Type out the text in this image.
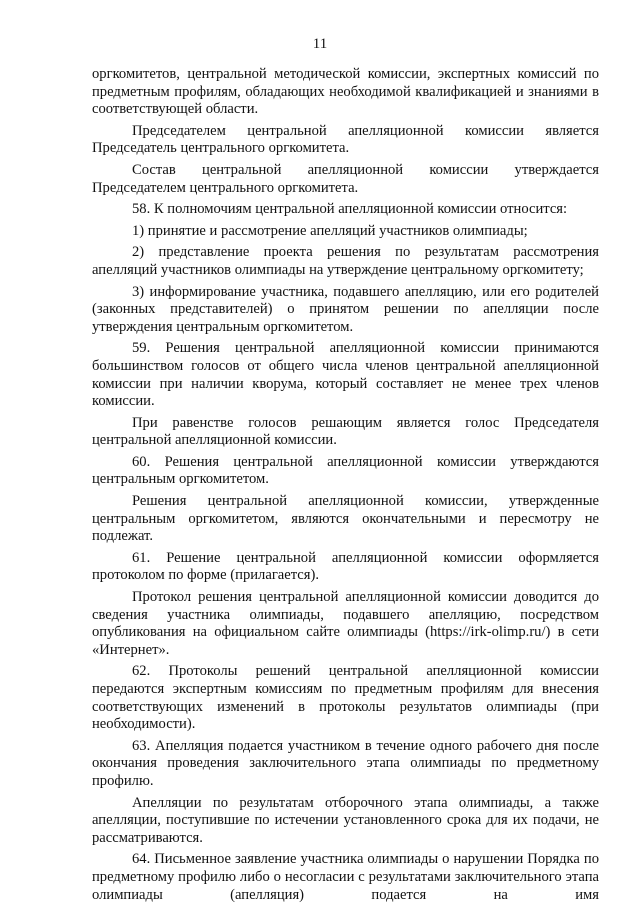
11

оргкомитетов, центральной методической комиссии, экспертных комиссий по предметным профилям, обладающих необходимой квалификацией и знаниями в соответствующей области.

Председателем центральной апелляционной комиссии является Председатель центрального оргкомитета.

Состав центральной апелляционной комиссии утверждается Председателем центрального оргкомитета.

58. К полномочиям центральной апелляционной комиссии относится:

1) принятие и рассмотрение апелляций участников олимпиады;

2) представление проекта решения по результатам рассмотрения апелляций участников олимпиады на утверждение центральному оргкомитету;

3) информирование участника, подавшего апелляцию, или его родителей (законных представителей) о принятом решении по апелляции после утверждения центральным оргкомитетом.

59. Решения центральной апелляционной комиссии принимаются большинством голосов от общего числа членов центральной апелляционной комиссии при наличии кворума, который составляет не менее трех членов комиссии.

При равенстве голосов решающим является голос Председателя центральной апелляционной комиссии.

60. Решения центральной апелляционной комиссии утверждаются центральным оргкомитетом.

Решения центральной апелляционной комиссии, утвержденные центральным оргкомитетом, являются окончательными и пересмотру не подлежат.

61. Решение центральной апелляционной комиссии оформляется протоколом по форме (прилагается).

Протокол решения центральной апелляционной комиссии доводится до сведения участника олимпиады, подавшего апелляцию, посредством опубликования на официальном сайте олимпиады (https://irk-olimp.ru/) в сети «Интернет».

62. Протоколы решений центральной апелляционной комиссии передаются экспертным комиссиям по предметным профилям для внесения соответствующих изменений в протоколы результатов олимпиады (при необходимости).

63. Апелляция подается участником в течение одного рабочего дня после окончания проведения заключительного этапа олимпиады по предметному профилю.

Апелляции по результатам отборочного этапа олимпиады, а также апелляции, поступившие по истечении установленного срока для их подачи, не рассматриваются.

64. Письменное заявление участника олимпиады о нарушении Порядка по предметному профилю либо о несогласии с результатами заключительного этапа олимпиады (апелляция) подается на имя
